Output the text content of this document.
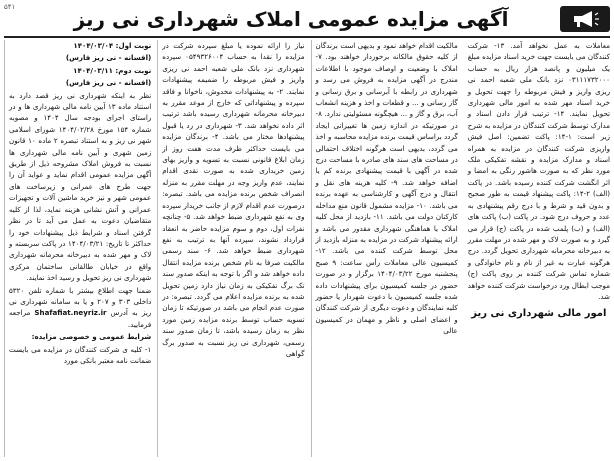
۵۴۱	آگهی مزایده عمومی املاک شهرداری نی ریز

نوبت اول: ۱۴۰۴/۰۳/۰۴

(افسانه - نی ریز فارس)

نوبت دوم: ۱۴۰۴/۰۳/۱۱

(افسانه - نی ریز فارس)

نظر به اینکه شهرداری نی ریز قصد دارد به استناد ماده ۱۳ آیین نامه مالی شهرداری ها و در راستای اجرای بودجه سال ۱۴۰۴ و مصوبه شماره ۱۵۴ مورخ ۱۴۰۴/۰۲/۲۸ شورای اسلامی شهر نی ریز و به استناد تبصره ۲ ماده ۱۰ قانون زمین شهری و آیین نامه مالی شهرداری ها نسبت به فروش املاک مشروحه ذیل از طریق آگهی مزایده عمومی اقدام نماید و عواید آن را جهت طرح های عمرانی و زیرساخت های عمومی شهر و نیز خرید ماشین آلات و تجهیزات عمرانی و آتش نشانی هزینه نماید، لذا از کلیه متقاضیان دعوت به عمل می آید تا در نظر گرفتن اسناد و شرایط ذیل پیشنهادات خود را حداکثر تا تاریخ: ۱۴۰۴/۰۳/۲۱ در پاکت سربسته و لاک و مهر شده به دبیرخانه محرمانه شهرداری واقع در خیابان طالقانی ساختمان مرکزی شهرداری نی ریز تحویل و رسید اخذ نمایند.

ضمنا جهت اطلاع بیشتر با شماره تلفن ۵۳۲۰ داخلی ۳۰۳ و ۲۰۷ و یا به سامانه شهرداری نی ریز به آدرس Shafafiat.neyriz.ir مراجعه فرمایید.

شرایط عمومی و خصوصی مزایده:

۱- کلیه ی شرکت کنندگان در مزایده می بایست ضمانت نامه معتبر بانکی مورد

نیاز را ارائه نموده یا مبلغ سپرده شرکت در مزایده را نقدا به حساب ۰۵۴۹۳۲۶۰۰۴ سپرده شهرداری نزد بانک ملی شعبه احمد نی ریزی واریز و فیش مربوطه را ضمیمه پیشنهادات نمایند. ۲- به پیشنهادات مخدوش، ناخوانا و فاقد سپرده و پیشنهاداتی که خارج از موعد مقرر به دبیرخانه محرمانه شهرداری رسیده باشد ترتیب اثر داده نخواهد شد. ۳- شهرداری در رد یا قبول پیشنهادها مختار می باشد. ۴- برندگان مزایده می بایست حداکثر ظرف مدت هفت روز از زمان ابلاغ قانونی نسبت به تسویه و واریز بهای زمین خریداری شده به صورت نقدی اقدام نمایند، عدم واریز وجه در مهلت مقرر به منزله انصراف شخص برنده مزایده می باشد. تبصره: درصورت عدم اقدام لازم از جانب خریدار سپرده وی به نفع شهرداری ضبط خواهد شد. ۵- چنانچه نفرات اول، دوم و سوم مزایده حاضر به انعقاد قرارداد نشوند، سپرده آنها به ترتیب به نفع شهرداری ضبط خواهد شد. ۶- سند رسمی مالکیت صرفا به نام شخص برنده مزایده انتقال داده خواهد شد و اگر با توجه به اینکه صدور سند تک برگ تفکیکی به زمان نیاز دارد زمین تحویل شده به برنده مزایده اعلام می گردد. تبصره: در صورت عدم انجام می باشد در صورتیکه تا زمان تسویه حساب توسط برنده مزایده زمین مورد نظر به زمان رسیده باشد، تا زمان صدور سند رسمی، شهرداری نی ریز نسبت به صدور برگ گواهی

مالکیت اقدام خواهد نمود و بدیهی است برندگان از کلیه حقوق مالکانه برخوردار خواهند بود. ۷- املاک با وضعیت و اوصاف موجود با اطلاعات مندرج در آگهی مزایده به فروش می رسد و شهرداری در رابطه با آبرسانی و برق رسانی و گاز رسانی و ... و قطعات و اخذ و هزینه انشعاب آب، برق و گاز و ... هیچگونه مسئولیتی ندارد. ۸- در صورتیکه در اندازه زمین ها تغییراتی ایجاد گردد براساس قیمت برنده مزایده محاسبه و اخذ می گردد، بدیهی است هرگونه اختلاف احتمالی در مساحت های سند های صادره با مساحت درج شده در آگهی با قیمت پیشنهادی برنده کم یا اضافه خواهد شد. ۹- کلیه هزینه های نقل و انتقال و درج آگهی و کارشناسی به عهده برنده می باشد. ۱۰- مزایده مشمول قانون منع مداخله کارکنان دولت می باشد. ۱۱- بازدید از محل کلیه املاک یا هماهنگی شهرداری مقدور می باشد و ارائه پیشنهاد شرکت در مزایده به منزله بازدید از محل توسط شرکت کننده می باشد. ۱۲- کمیسیون عالی معاملات رأس ساعت: ۹ صبح پنجشنبه مورخ ۱۴۰۴/۰۳/۲۲ برگزار و در صورت حضور در جلسه کمیسیون برای پیشنهادات داده شده جلسه کمیسیون با دعوت شهردار یا حضور کلیه نمایندگان و دعوت دیگری از شرکت کنندگان و اعضای اصلی و ناظر و مهمان در کمیسیون عالی

معاملات به عمل نخواهد آمد. ۱۳- شرکت کنندگان می بایست جهت خرید اسناد مزایده مبلغ یک میلیون و پانصد هزار ریال به حساب ۰۳۱۱۱۷۳۲۰۰۰ نزد بانک ملی شعبه احمد نی ریزی واریز و فیش مربوطه را جهت تحویل و خرید اسناد مهر شده به امور مالی شهرداری تحویل نمایند. ۱۴- ترتیب قرار دادن اسناد و مدارک توسط شرکت کنندگان در مزایده به شرح زیر است: ۱-۱۴: پاکت تضمین: اصل فیش واریزی شرکت کنندگان در مزایده به همراه اسناد و مدارک مزایده و نقشه تفکیکی ملک مورد نظر که به صورت هاشور رنگی به امضا و اثر انگشت شرکت کننده رسیده باشد. در پاکت (الف) ۲-۱۴: پاکت پیشنهاد قیمت به طور صحیح و بدون قید و شرط و با درج رقم پیشنهادی به عدد و حروف درج شود. در پاکت (ب) پاکت های (الف) و (ب) پلمب شده در پاکت (ج) قرار می گیرد و به صورت لاک و مهر شده در مهلت مقرر به دبیرخانه محرمانه شهرداری تحویل گردد. درج هرگونه عبارت به غیر از نام و نام خانوادگی و شماره تماس شرکت کننده بر روی پاکت (ج) موجب ابطال ورد درخواست شرکت کننده خواهد شد.

امور مالی شهرداری نی ریز
